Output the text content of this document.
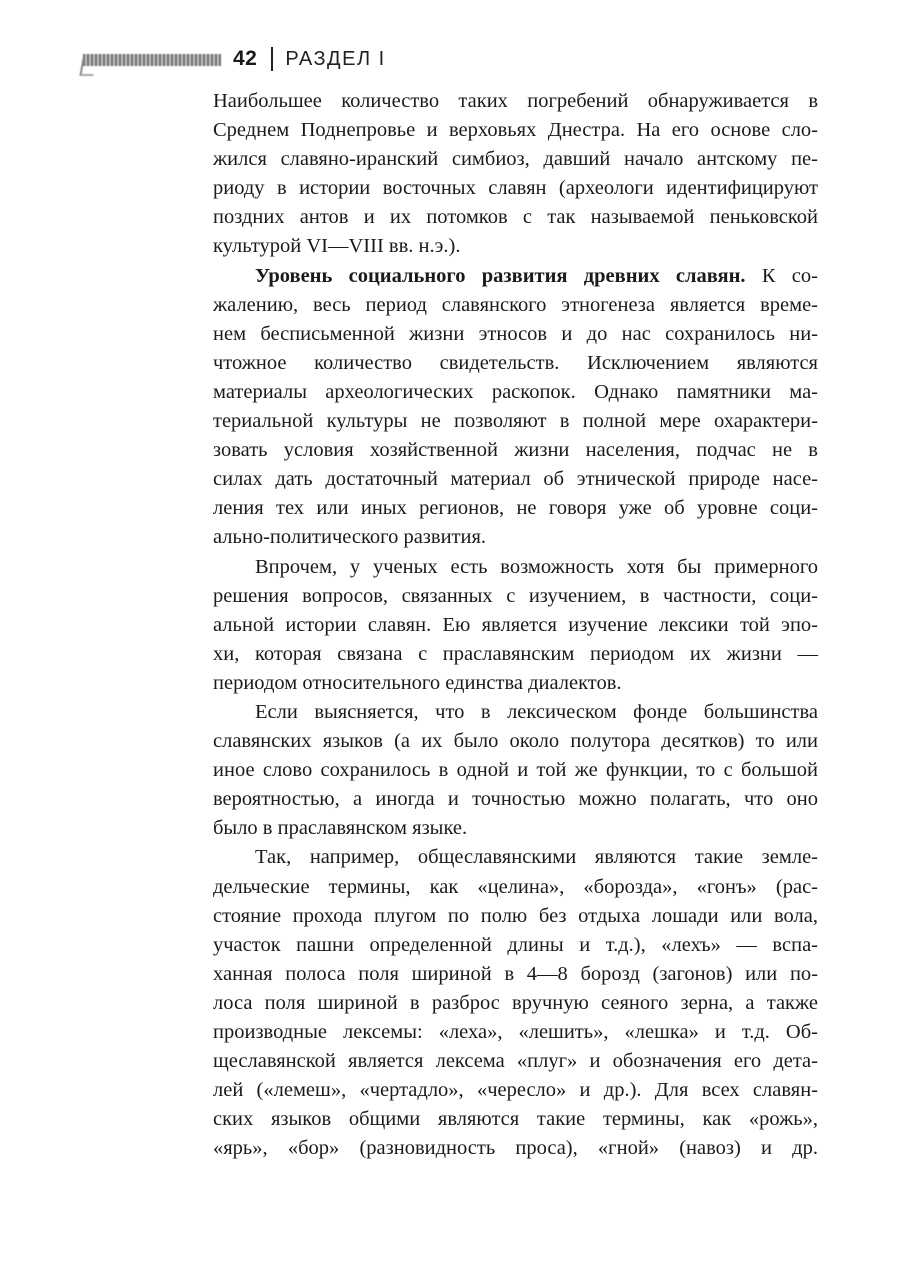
42 РАЗДЕЛ I

Наибольшее количество таких погребений обнаруживается в
Среднем Поднепровье и верховьях Днестра. На его основе сло-
жился славяно-иранский симбиоз, давший начало антскому пе-
риоду в истории восточных славян (археологи идентифицируют
поздних антов и их потомков с так называемой пеньковской
культурой VI—VIII вв. н.э.).

Уровень социального развития древних славян. К со-
жалению, весь период славянского этногенеза является време-
нем бесписьменной жизни этносов и до нас сохранилось ни-
чтожное количество свидетельств. Исключением являются
материалы археологических раскопок. Однако памятники ма-
териальной культуры не позволяют в полной мере охарактери-
зовать условия хозяйственной жизни населения, подчас не в
силах дать достаточный материал об этнической природе насе-
ления тех или иных регионов, не говоря уже об уровне соци-
ально-политического развития.

Впрочем, у ученых есть возможность хотя бы примерного
решения вопросов, связанных с изучением, в частности, соци-
альной истории славян. Ею является изучение лексики той эпо-
хи, которая связана с праславянским периодом их жизни —
периодом относительного единства диалектов.

Если выясняется, что в лексическом фонде большинства
славянских языков (а их было около полутора десятков) то или
иное слово сохранилось в одной и той же функции, то с большой
вероятностью, а иногда и точностью можно полагать, что оно
было в праславянском языке.

Так, например, общеславянскими являются такие земле-
дельческие термины, как «целина», «борозда», «гонъ» (рас-
стояние прохода плугом по полю без отдыха лошади или вола,
участок пашни определенной длины и т.д.), «лехъ» — вспа-
ханная полоса поля шириной в 4—8 борозд (загонов) или по-
лоса поля шириной в разброс вручную сеяного зерна, а также
производные лексемы: «леха», «лешить», «лешка» и т.д. Об-
щеславянской является лексема «плуг» и обозначения его дета-
лей («лемеш», «чертадло», «чересло» и др.). Для всех славян-
ских языков общими являются такие термины, как «рожь»,
«ярь», «бор» (разновидность проса), «гной» (навоз) и др.
